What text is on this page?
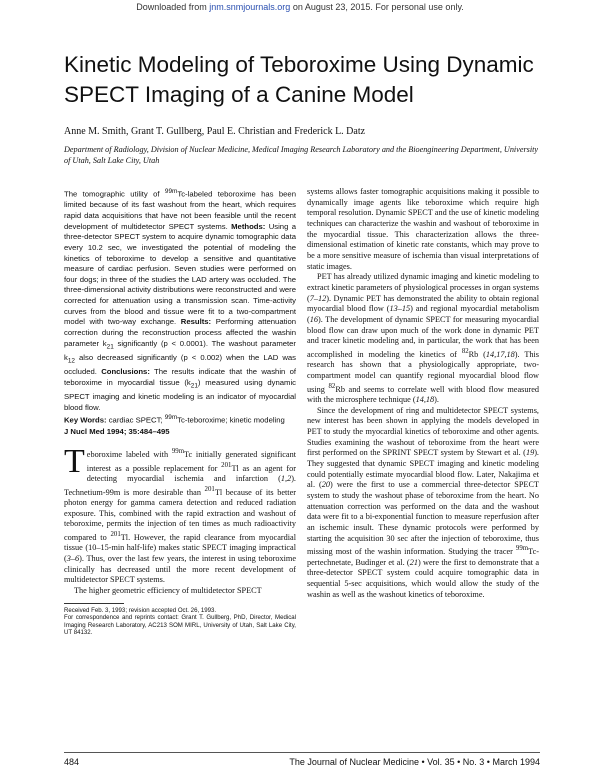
Downloaded from jnm.snmjournals.org on August 23, 2015. For personal use only.
Kinetic Modeling of Teboroxime Using Dynamic SPECT Imaging of a Canine Model
Anne M. Smith, Grant T. Gullberg, Paul E. Christian and Frederick L. Datz
Department of Radiology, Division of Nuclear Medicine, Medical Imaging Research Laboratory and the Bioengineering Department, University of Utah, Salt Lake City, Utah

The tomographic utility of $^{99m}$Tc-labeled teboroxime has been limited because of its fast washout from the heart, which requires rapid data acquisitions that have not been feasible until the recent development of multidetector SPECT systems. Methods: Using a three-detector SPECT system to acquire dynamic tomographic data every 10.2 sec, we investigated the potential of modeling the kinetics of teboroxime to develop a sensitive and quantitative measure of cardiac perfusion. Seven studies were performed on four dogs; in three of the studies the LAD artery was occluded. The three-dimensional activity distributions were reconstructed and were corrected for attenuation using a transmission scan. Time-activity curves from the blood and tissue were fit to a two-compartment model with two-way exchange. Results: Performing attenuation correction during the reconstruction process affected the washin parameter $k_{21}$ significantly (p < 0.0001). The washout parameter $k_{12}$ also decreased significantly (p < 0.002) when the LAD was occluded. Conclusions: The results indicate that the washin of teboroxime in myocardial tissue $(k_{21})$ measured using dynamic SPECT imaging and kinetic modeling is an indicator of myocardial blood flow.

Key Words: cardiac SPECT; $^{99m}$Tc-teboroxime; kinetic modeling

J Nucl Med 1994; 35:484–495

Teboroxime labeled with $^{99m}$Tc initially generated significant interest as a possible replacement for $^{201}$Tl as an agent for detecting myocardial ischemia and infarction (1,2). Technetium-99m is more desirable than $^{201}$Tl because of its better photon energy for gamma camera detection and reduced radiation exposure. This, combined with the rapid extraction and washout of teboroxime, permits the injection of ten times as much radioactivity compared to $^{201}$Tl. However, the rapid clearance from myocardial tissue (10–15-min half-life) makes static SPECT imaging impractical (3–6). Thus, over the last few years, the interest in using teboroxime clinically has decreased until the more recent development of multidetector SPECT systems.

The higher geometric efficiency of multidetector SPECT

Received Feb. 3, 1993; revision accepted Oct. 26, 1993.

For correspondence and reprints contact: Grant T. Gullberg, PhD, Director, Medical Imaging Research Laboratory, AC213 SOM MIRL, University of Utah, Salt Lake City, UT 84132.

systems allows faster tomographic acquisitions making it possible to dynamically image agents like teboroxime which require high temporal resolution. Dynamic SPECT and the use of kinetic modeling techniques can characterize the washin and washout of teboroxime in the myocardial tissue. This characterization allows the three-dimensional estimation of kinetic rate constants, which may prove to be a more sensitive measure of ischemia than visual interpretations of static images.

PET has already utilized dynamic imaging and kinetic modeling to extract kinetic parameters of physiological processes in organ systems (7–12). Dynamic PET has demonstrated the ability to obtain regional myocardial blood flow (13–15) and regional myocardial metabolism (16). The development of dynamic SPECT for measuring myocardial blood flow can draw upon much of the work done in dynamic PET and tracer kinetic modeling and, in particular, the work that has been accomplished in modeling the kinetics of $^{82}$Rb (14,17,18). This research has shown that a physiologically appropriate, two-compartment model can quantify regional myocardial blood flow using $^{82}$Rb and seems to correlate well with blood flow measured with the microsphere technique (14,18).

Since the development of ring and multidetector SPECT systems, new interest has been shown in applying the models developed in PET to study the myocardial kinetics of teboroxime and other agents. Studies examining the washout of teboroxime from the heart were first performed on the SPRINT SPECT system by Stewart et al. (19). They suggested that dynamic SPECT imaging and kinetic modeling could potentially estimate myocardial blood flow. Later, Nakajima et al. (20) were the first to use a commercial three-detector SPECT system to study the washout phase of teboroxime from the heart. No attenuation correction was performed on the data and the washout data were fit to a bi-exponential function to measure reperfusion after an ischemic insult. These dynamic protocols were performed by starting the acquisition 30 sec after the injection of teboroxime, thus missing most of the washin information. Studying the tracer $^{99m}$Tc-pertechnetate, Budinger et al. (21) were the first to demonstrate that a three-detector SPECT system could acquire tomographic data in sequential 5-sec acquisitions, which would allow the study of the washin as well as the washout kinetics of teboroxime.

484	The Journal of Nuclear Medicine • Vol. 35 • No. 3 • March 1994
